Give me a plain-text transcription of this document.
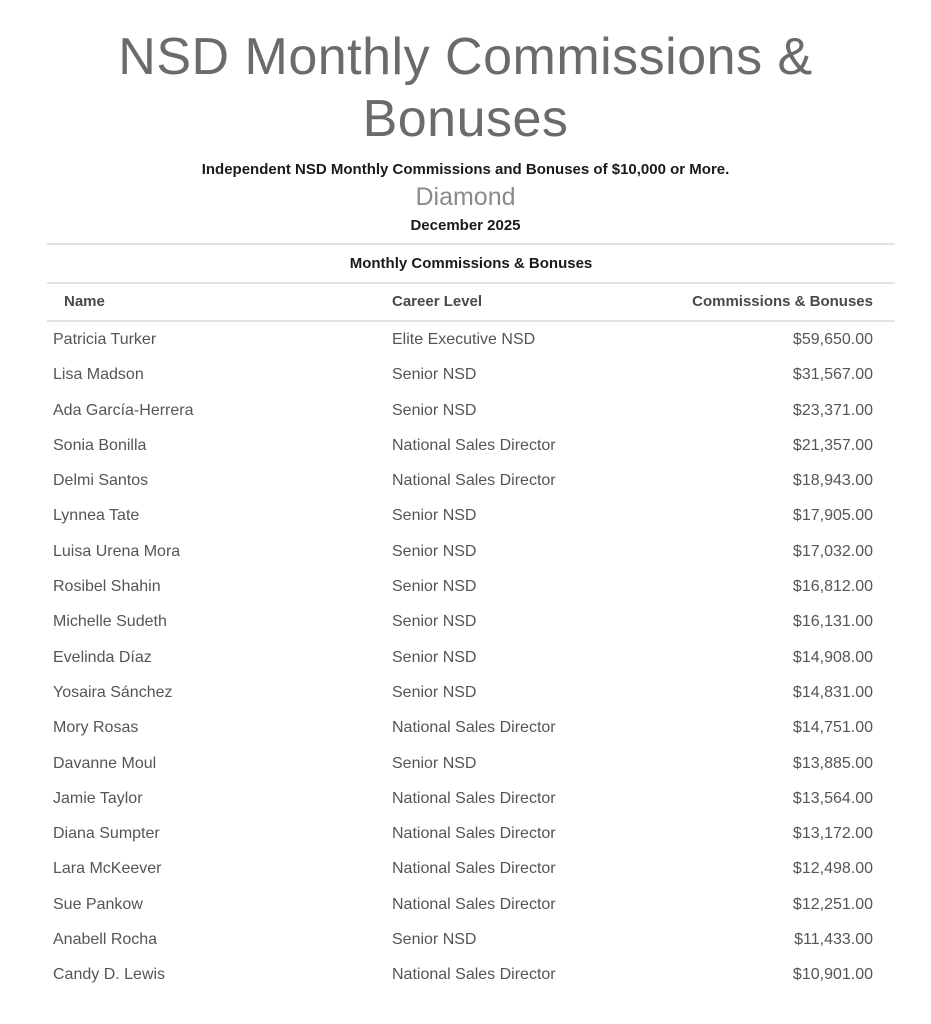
NSD Monthly Commissions &
Bonuses
Independent NSD Monthly Commissions and Bonuses of $10,000 or More.
Diamond
December 2025
Monthly Commissions & Bonuses
Name	Career Level	Commissions & Bonuses
Patricia Turker	Elite Executive NSD	$59,650.00
Lisa Madson	Senior NSD	$31,567.00
Ada García-Herrera	Senior NSD	$23,371.00
Sonia Bonilla	National Sales Director	$21,357.00
Delmi Santos	National Sales Director	$18,943.00
Lynnea Tate	Senior NSD	$17,905.00
Luisa Urena Mora	Senior NSD	$17,032.00
Rosibel Shahin	Senior NSD	$16,812.00
Michelle Sudeth	Senior NSD	$16,131.00
Evelinda Díaz	Senior NSD	$14,908.00
Yosaira Sánchez	Senior NSD	$14,831.00
Mory Rosas	National Sales Director	$14,751.00
Davanne Moul	Senior NSD	$13,885.00
Jamie Taylor	National Sales Director	$13,564.00
Diana Sumpter	National Sales Director	$13,172.00
Lara McKeever	National Sales Director	$12,498.00
Sue Pankow	National Sales Director	$12,251.00
Anabell Rocha	Senior NSD	$11,433.00
Candy D. Lewis	National Sales Director	$10,901.00
